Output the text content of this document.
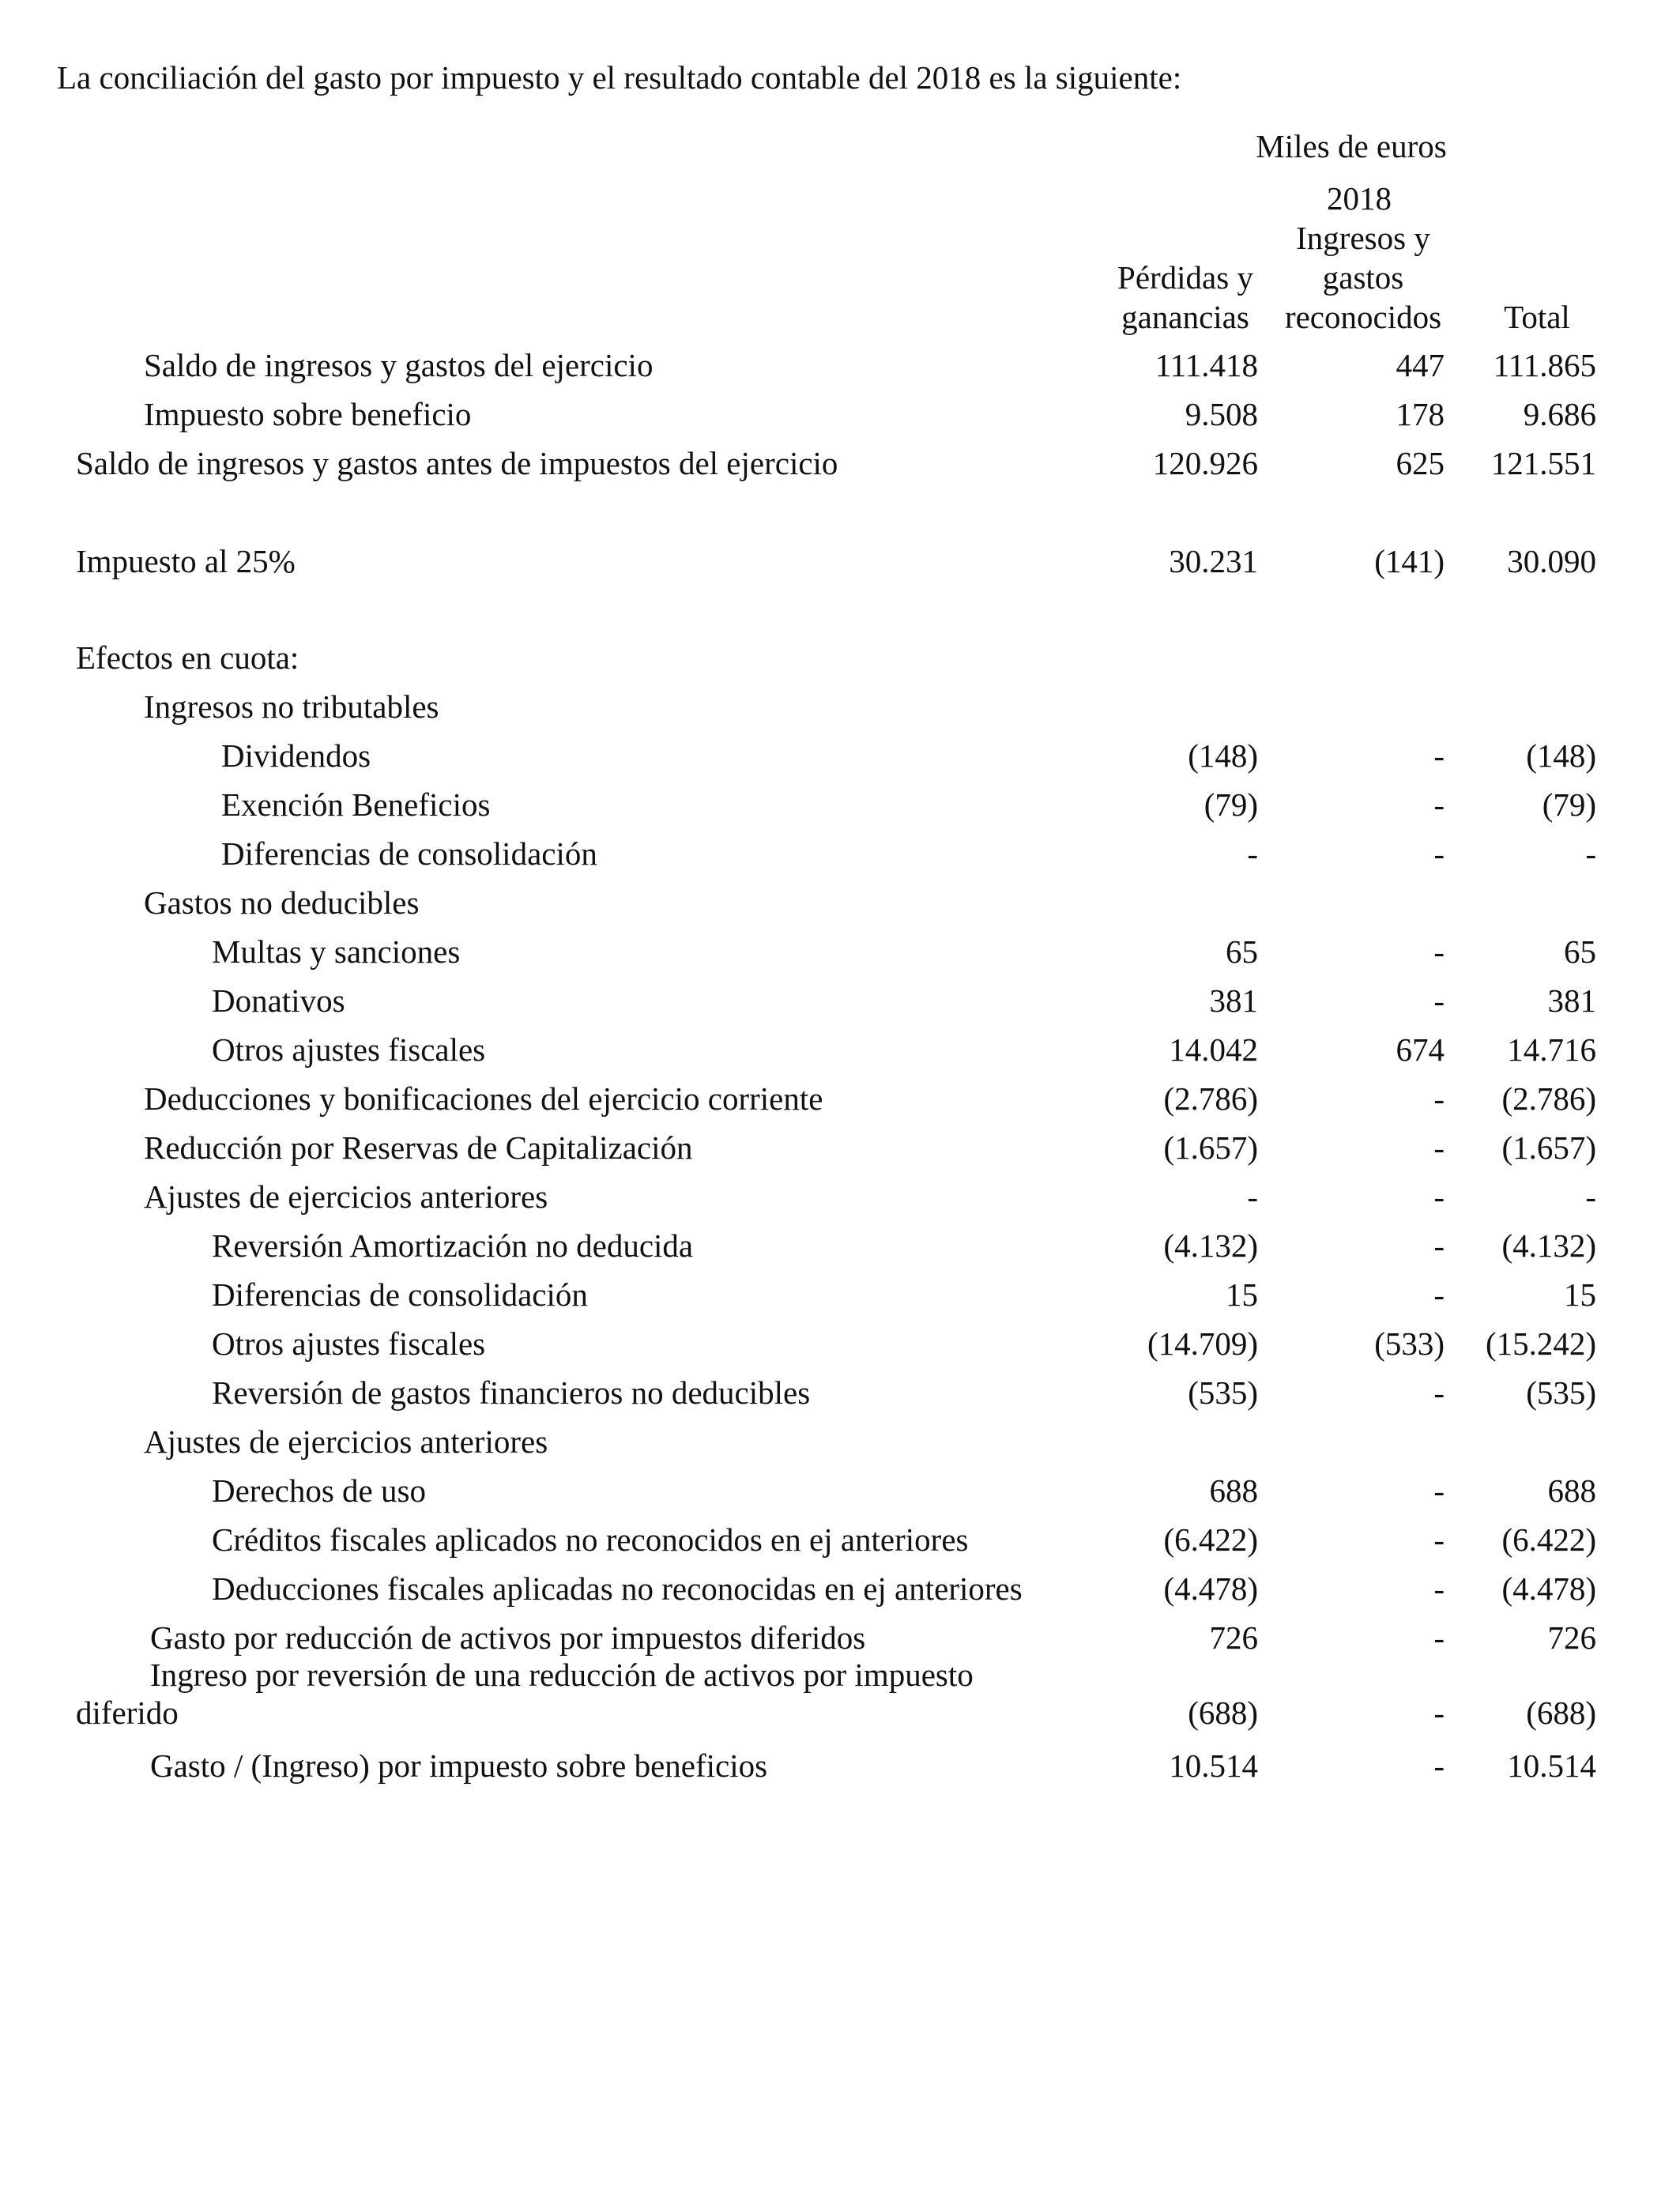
La conciliación del gasto por impuesto y el resultado contable del 2018 es la siguiente:
Miles de euros
2018
Pérdidas y
ganancias
Ingresos y
gastos
reconocidos	Total
Saldo de ingresos y gastos del ejercicio	111.418	447 111.865
Impuesto sobre beneficio	9.508	178 9.686
Saldo de ingresos y gastos antes de impuestos del ejercicio	120.926	625 121.551
Impuesto al 25%	30.231	(141) 30.090
Efectos en cuota:
Ingresos no tributables
Dividendos	(148)	-	(148)
Exención Beneficios	(79)	-	(79)
Diferencias de consolidación	-	-	-
Gastos no deducibles
Multas y sanciones	65	-	65
Donativos	381	-	381
Otros ajustes fiscales	14.042	674 14.716
Deducciones y bonificaciones del ejercicio corriente	(2.786)	- (2.786)
Reducción por Reservas de Capitalización	(1.657)	- (1.657)
Ajustes de ejercicios anteriores	-	-	-
Reversión Amortización no deducida	(4.132)	- (4.132)
Diferencias de consolidación	15	-	15
Otros ajustes fiscales	(14.709)	(533) (15.242)
Reversión de gastos financieros no deducibles	(535)	-	(535)
Ajustes de ejercicios anteriores
Derechos de uso	688	-	688
Créditos fiscales aplicados no reconocidos en ej anteriores	(6.422)	- (6.422)
Deducciones fiscales aplicadas no reconocidas en ej anteriores	(4.478)	- (4.478)
Gasto por reducción de activos por impuestos diferidos	726	-	726
Ingreso por reversión de una reducción de activos por impuesto
diferido	(688)	-	(688)
Gasto / (Ingreso) por impuesto sobre beneficios	10.514	- 10.514
